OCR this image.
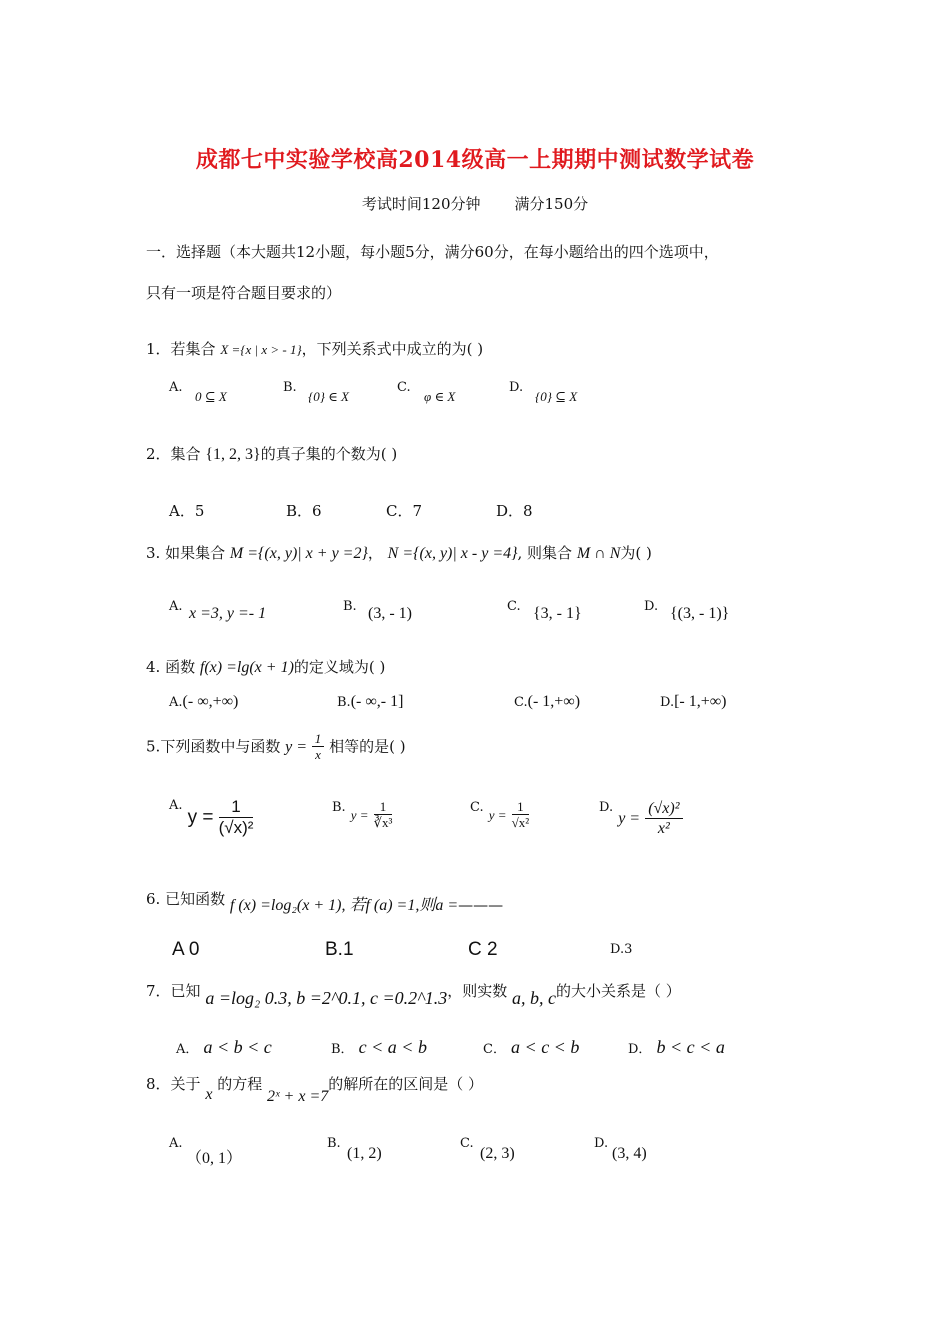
成都七中实验学校高2014级高一上期期中测试数学试卷
考试时间120分钟 满分150分
一．选择题（本大题共12小题，每小题5分，满分60分，在每小题给出的四个选项中，
只有一项是符合题目要求的）
1．若集合 X ={x | x > - 1}，下列关系式中成立的为( )
A.
0 ⊆ X
B.
{0} ∈ X
C.
φ ∈ X
D.
{0} ⊆ X
2．集合 {1, 2, 3}的真子集的个数为( )
A．5	B．6	C．7	D．8
3. 如果集合 M ={(x, y)| x + y =2}， N ={(x, y)| x - y =4}, 则集合 M ∩ N为( )
A. x =3, y =- 1	B. (3, - 1)	C. {3, - 1}	D. {(3, - 1)}
4. 函数 f(x) =lg(x + 1)的定义域为( )
A.(- ∞,+∞)	B.(- ∞,- 1]	C.(- 1,+∞)	D.[- 1,+∞)
5.下列函数中与函数 $y = \frac{1}{x}$ 相等的是( )
$^{A.}$ $y = \frac{1}{\text{(√x)²}}$	$^{B.}$ $y = \frac{1}{\text{∛x³}}$	$^{C.}$ $y = \frac{1}{\text{√x²}}$	$^{D.}$ $y = \frac{\text{(√x)²}}{\text{x²}}$
6. 已知函数 f (x) =log₂(x + 1), 若f (a) =1,则a =———
A 0	B.1	C 2	D.3
7．已知 a =log₂ 0.3, b =2^0.1, c =0.2^1.3，则实数 a, b, c的大小关系是（ ）
A． a < b < c	B． c < a < b	C． a < c < b	D． b < c < a
8．关于 x 的方程 2ˣ + x =7的解所在的区间是（ ）
A.
（0, 1）
B.
(1, 2)
C.
(2, 3)
D.
(3, 4)
